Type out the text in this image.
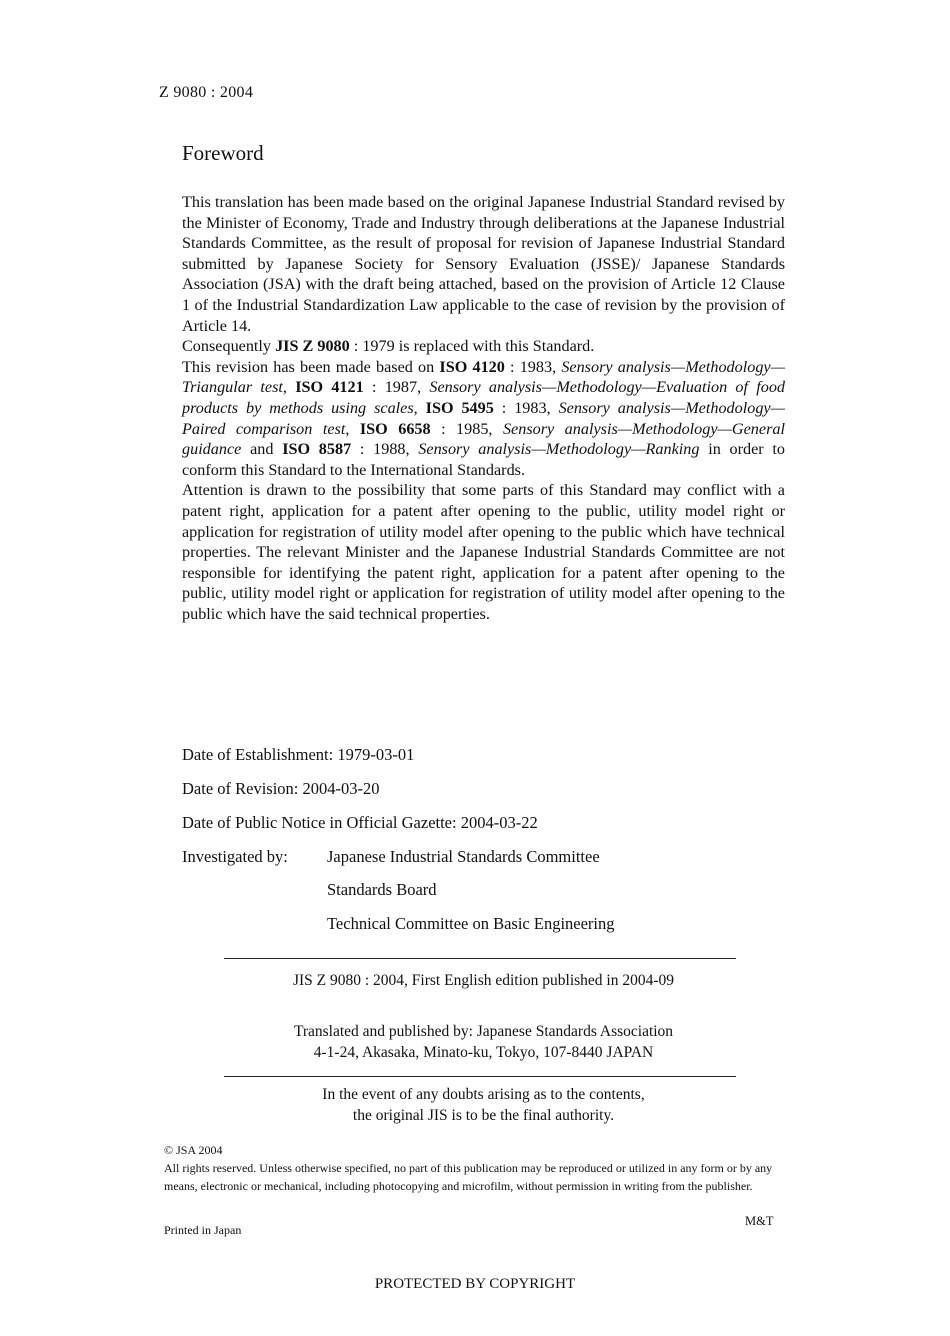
Z 9080 : 2004
Foreword

This translation has been made based on the original Japanese Industrial Standard revised by the Minister of Economy, Trade and Industry through deliberations at the Japanese Industrial Standards Committee, as the result of proposal for revision of Japanese Industrial Standard submitted by Japanese Society for Sensory Evaluation (JSSE)/ Japanese Standards Association (JSA) with the draft being attached, based on the provision of Article 12 Clause 1 of the Industrial Standardization Law applicable to the case of revision by the provision of Article 14.

Consequently JIS Z 9080 : 1979 is replaced with this Standard.

This revision has been made based on ISO 4120 : 1983, Sensory analysis—Methodology—Triangular test, ISO 4121 : 1987, Sensory analysis—Methodology—Evaluation of food products by methods using scales, ISO 5495 : 1983, Sensory analysis—Methodology—Paired comparison test, ISO 6658 : 1985, Sensory analysis—Methodology—General guidance and ISO 8587 : 1988, Sensory analysis—Methodology—Ranking in order to conform this Standard to the International Standards.

Attention is drawn to the possibility that some parts of this Standard may conflict with a patent right, application for a patent after opening to the public, utility model right or application for registration of utility model after opening to the public which have technical properties. The relevant Minister and the Japanese Industrial Standards Committee are not responsible for identifying the patent right, application for a patent after opening to the public, utility model right or application for registration of utility model after opening to the public which have the said technical properties.

Date of Establishment: 1979-03-01
Date of Revision: 2004-03-20
Date of Public Notice in Official Gazette: 2004-03-22
Investigated by: Japanese Industrial Standards Committee
Standards Board
Technical Committee on Basic Engineering
JIS Z 9080 : 2004, First English edition published in 2004-09
Translated and published by: Japanese Standards Association
4-1-24, Akasaka, Minato-ku, Tokyo, 107-8440 JAPAN
In the event of any doubts arising as to the contents,
the original JIS is to be the final authority.
© JSA 2004
All rights reserved. Unless otherwise specified, no part of this publication may be reproduced or utilized in any form or by any means, electronic or mechanical, including photocopying and microfilm, without permission in writing from the publisher.
Printed in Japan
M&T
PROTECTED BY COPYRIGHT
